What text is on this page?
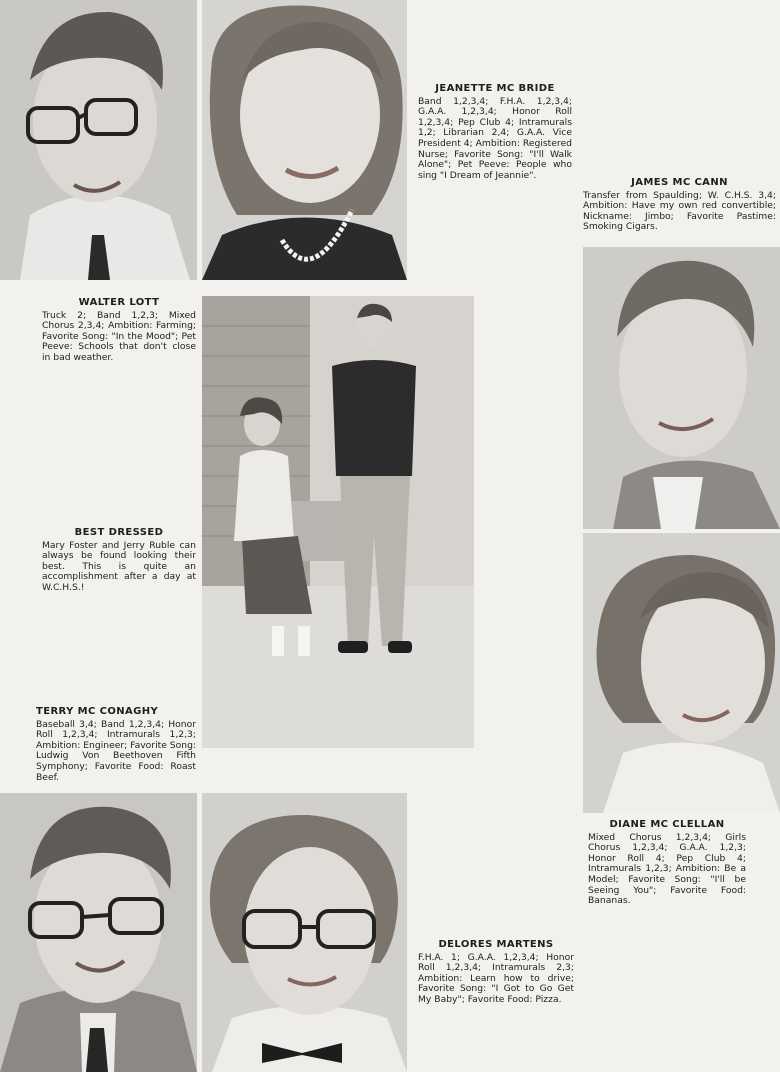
JEANETTE MC BRIDE
Band 1,2,3,4; F.H.A. 1,2,3,4; G.A.A. 1,2,3,4; Honor Roll 1,2,3,4; Pep Club 4; Intramurals 1,2; Librarian 2,4; G.A.A. Vice President 4; Ambition: Registered Nurse; Favorite Song: "I'll Walk Alone"; Pet Peeve: People who sing "I Dream of Jeannie".
JAMES MC CANN
Transfer from Spaulding; W. C.H.S. 3,4; Ambition: Have my own red convertible; Nickname: Jimbo; Favorite Pastime: Smoking Cigars.
WALTER LOTT
Truck 2; Band 1,2,3; Mixed Chorus 2,3,4; Ambition: Farming; Favorite Song: "In the Mood"; Pet Peeve: Schools that don't close in bad weather.
BEST DRESSED
Mary Foster and Jerry Ruble can always be found looking their best. This is quite an accomplishment after a day at W.C.H.S.!
TERRY MC CONAGHY
Baseball 3,4; Band 1,2,3,4; Honor Roll 1,2,3,4; Intramurals 1,2,3; Ambition: Engineer; Favorite Song: Ludwig Von Beethoven Fifth Symphony; Favorite Food: Roast Beef.
DIANE MC CLELLAN
Mixed Chorus 1,2,3,4; Girls Chorus 1,2,3,4; G.A.A. 1,2,3; Honor Roll 4; Pep Club 4; Intramurals 1,2,3; Ambition: Be a Model; Favorite Song: "I'll be Seeing You"; Favorite Food: Bananas.
DELORES MARTENS
F.H.A. 1; G.A.A. 1,2,3,4; Honor Roll 1,2,3,4; Intramurals 2,3; Ambition: Learn how to drive; Favorite Song: "I Got to Go Get My Baby"; Favorite Food: Pizza.
